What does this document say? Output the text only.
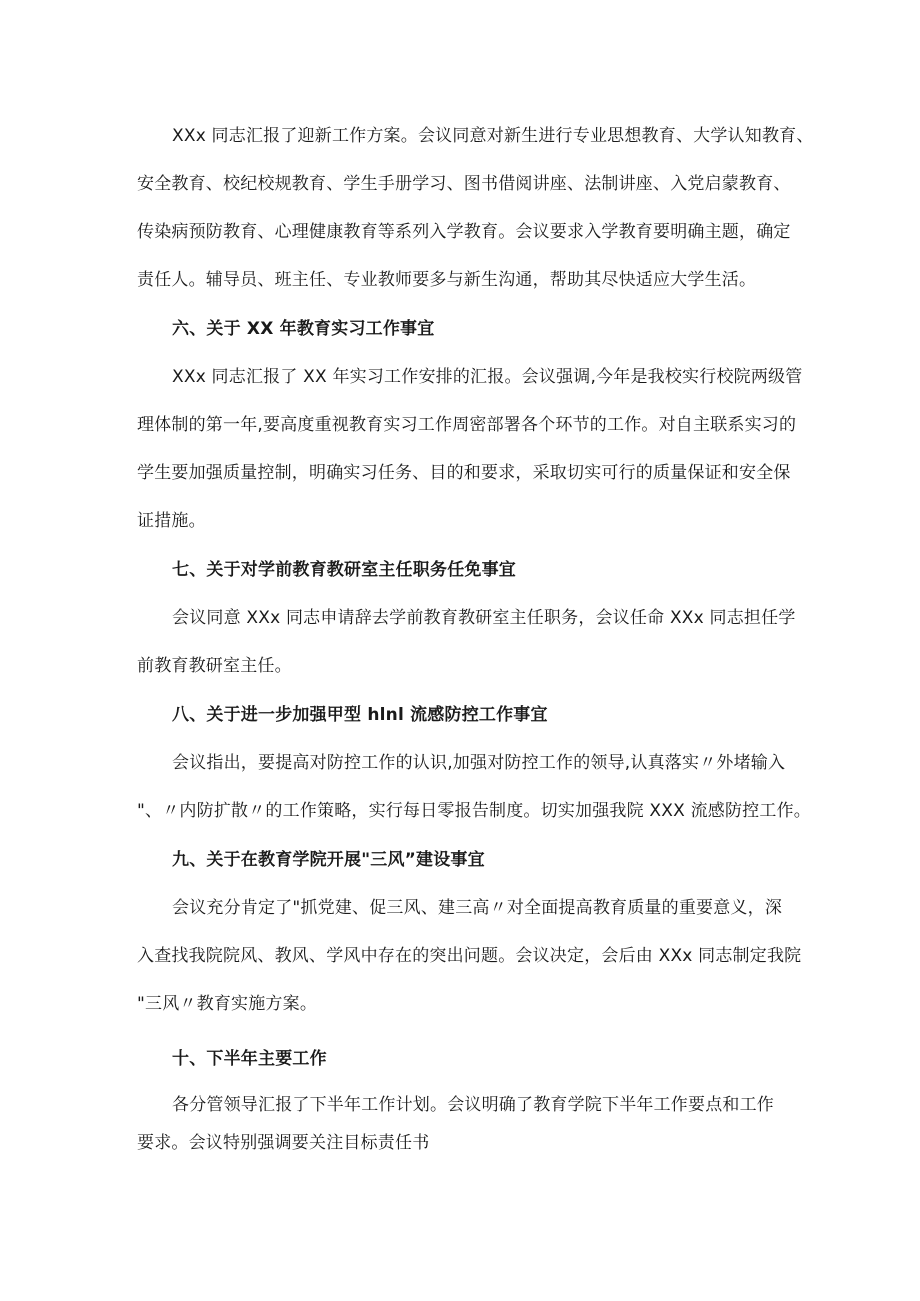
XXx 同志汇报了迎新工作方案。会议同意对新生进行专业思想教育、大学认知教育、
安全教育、校纪校规教育、学生手册学习、图书借阅讲座、法制讲座、入党启蒙教育、
传染病预防教育、心理健康教育等系列入学教育。会议要求入学教育要明确主题，确定
责任人。辅导员、班主任、专业教师要多与新生沟通，帮助其尽快适应大学生活。
六、关于 XX 年教育实习工作事宜
XXx 同志汇报了 XX 年实习工作安排的汇报。会议强调,今年是我校实行校院两级管
理体制的第一年,要高度重视教育实习工作周密部署各个环节的工作。对自主联系实习的
学生要加强质量控制，明确实习任务、目的和要求，采取切实可行的质量保证和安全保
证措施。
七、关于对学前教育教研室主任职务任免事宜
会议同意 XXx 同志申请辞去学前教育教研室主任职务，会议任命 XXx 同志担任学
前教育教研室主任。
八、关于进一步加强甲型 hlnl 流感防控工作事宜
会议指出，要提高对防控工作的认识,加强对防控工作的领导,认真落实〃外堵输入
"、〃内防扩散〃的工作策略，实行每日零报告制度。切实加强我院 XXX 流感防控工作。
九、关于在教育学院开展"三风”建设事宜
会议充分肯定了"抓党建、促三风、建三高〃对全面提高教育质量的重要意义，深
入查找我院院风、教风、学风中存在的突出问题。会议决定，会后由 XXx 同志制定我院
"三风〃教育实施方案。
十、下半年主要工作
各分管领导汇报了下半年工作计划。会议明确了教育学院下半年工作要点和工作
要求。会议特别强调要关注目标责任书
